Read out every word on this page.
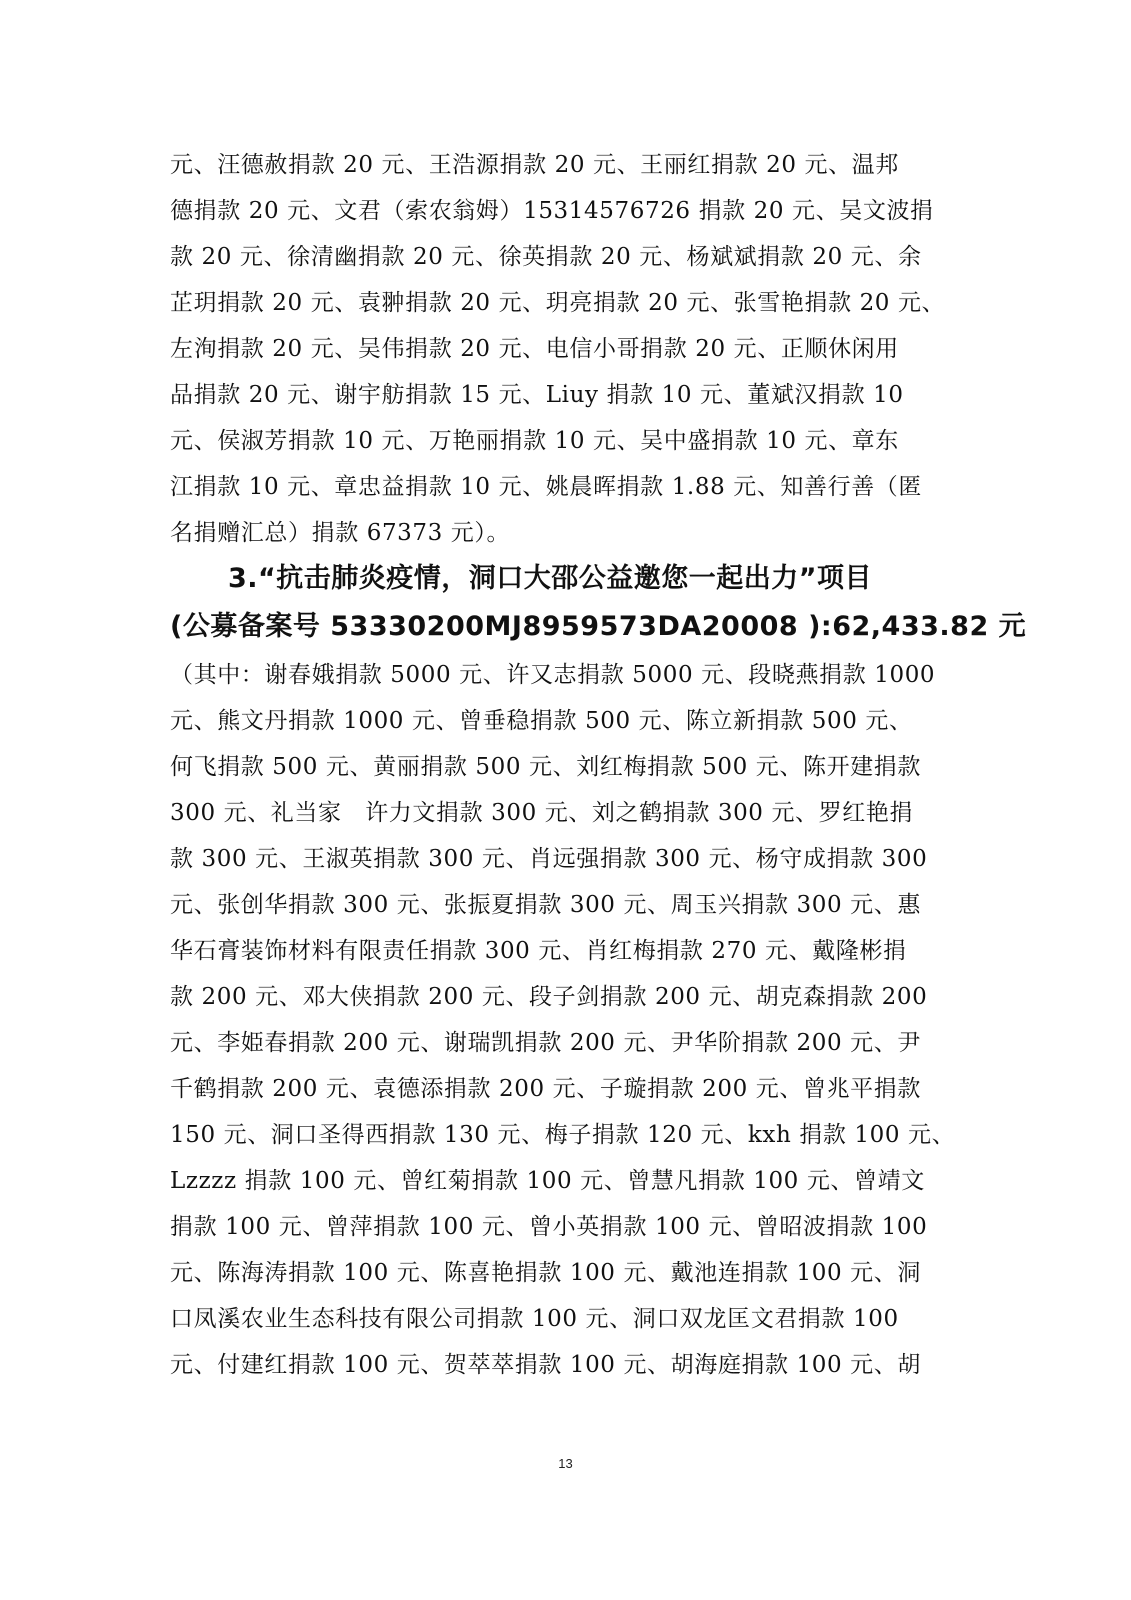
元、汪德赦捐款 20 元、王浩源捐款 20 元、王丽红捐款 20 元、温邦
德捐款 20 元、文君（索农翁姆）15314576726 捐款 20 元、吴文波捐
款 20 元、徐清幽捐款 20 元、徐英捐款 20 元、杨斌斌捐款 20 元、余
芷玥捐款 20 元、袁翀捐款 20 元、玥亮捐款 20 元、张雪艳捐款 20 元、
左洵捐款 20 元、吴伟捐款 20 元、电信小哥捐款 20 元、正顺休闲用
品捐款 20 元、谢宇舫捐款 15 元、Liuy 捐款 10 元、董斌汉捐款 10
元、侯淑芳捐款 10 元、万艳丽捐款 10 元、吴中盛捐款 10 元、章东
江捐款 10 元、章忠益捐款 10 元、姚晨晖捐款 1.88 元、知善行善（匿
名捐赠汇总）捐款 67373 元）。
3.“抗击肺炎疫情，洞口大邵公益邀您一起出力”项目
(公募备案号 53330200MJ8959573DA20008 ):62,433.82 元
（其中：谢春娥捐款 5000 元、许又志捐款 5000 元、段晓燕捐款 1000
元、熊文丹捐款 1000 元、曾垂稳捐款 500 元、陈立新捐款 500 元、
何飞捐款 500 元、黄丽捐款 500 元、刘红梅捐款 500 元、陈开建捐款
300 元、礼当家　许力文捐款 300 元、刘之鹤捐款 300 元、罗红艳捐
款 300 元、王淑英捐款 300 元、肖远强捐款 300 元、杨守成捐款 300
元、张创华捐款 300 元、张振夏捐款 300 元、周玉兴捐款 300 元、惠
华石膏装饰材料有限责任捐款 300 元、肖红梅捐款 270 元、戴隆彬捐
款 200 元、邓大侠捐款 200 元、段子剑捐款 200 元、胡克森捐款 200
元、李姫春捐款 200 元、谢瑞凯捐款 200 元、尹华阶捐款 200 元、尹
千鹤捐款 200 元、袁德添捐款 200 元、子璇捐款 200 元、曾兆平捐款
150 元、洞口圣得西捐款 130 元、梅子捐款 120 元、kxh 捐款 100 元、
Lzzzz 捐款 100 元、曾红菊捐款 100 元、曾慧凡捐款 100 元、曾靖文
捐款 100 元、曾萍捐款 100 元、曾小英捐款 100 元、曾昭波捐款 100
元、陈海涛捐款 100 元、陈喜艳捐款 100 元、戴池连捐款 100 元、洞
口凤溪农业生态科技有限公司捐款 100 元、洞口双龙匡文君捐款 100
元、付建红捐款 100 元、贺萃萃捐款 100 元、胡海庭捐款 100 元、胡
13
